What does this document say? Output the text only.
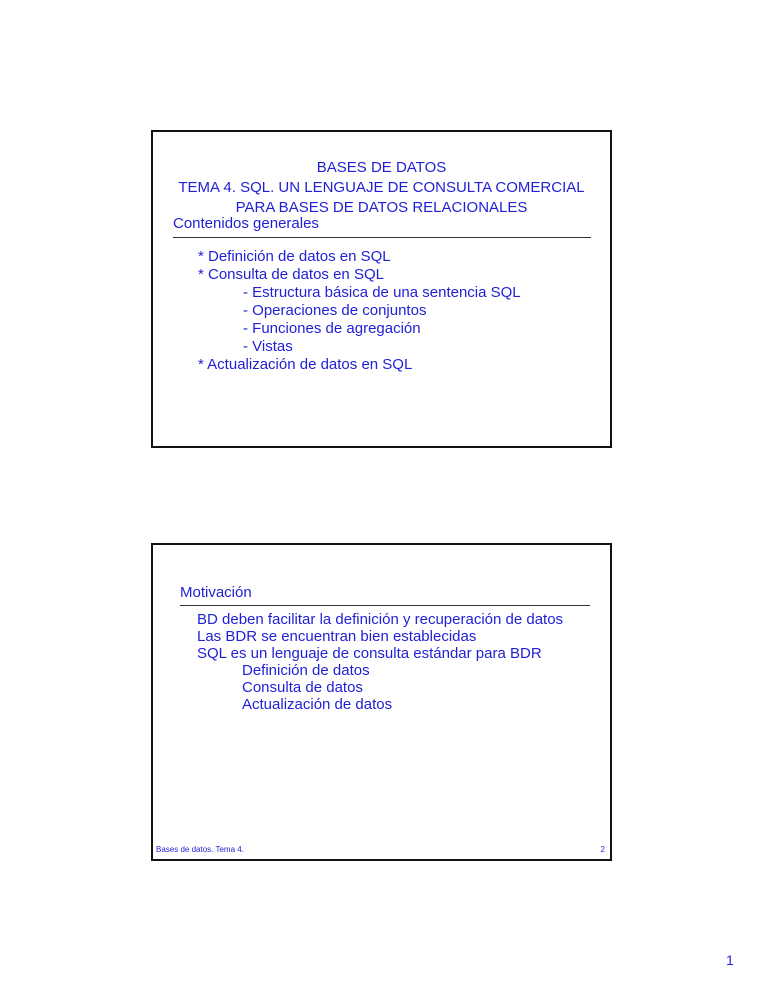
BASES DE DATOS
TEMA 4. SQL. UN LENGUAJE DE CONSULTA COMERCIAL
PARA BASES DE DATOS RELACIONALES
Contenidos generales
* Definición de datos en SQL
* Consulta de datos en SQL
- Estructura básica de una sentencia SQL
- Operaciones de conjuntos
- Funciones de agregación
- Vistas
* Actualización de datos en SQL
Motivación
BD deben facilitar la definición y recuperación de datos
Las BDR se encuentran bien establecidas
SQL es un lenguaje de consulta estándar para BDR
Definición de datos
Consulta de datos
Actualización de datos
Bases de datos. Tema 4.	2
1
